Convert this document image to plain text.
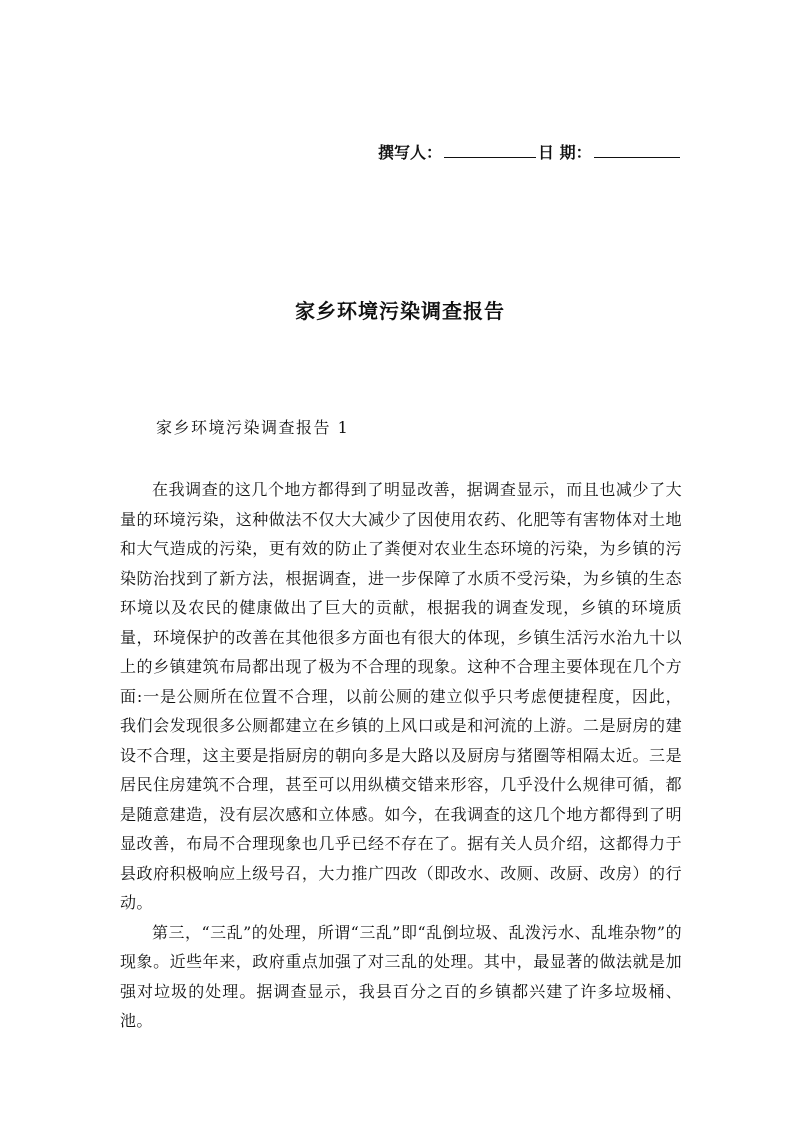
撰写人：	日 期：
家乡环境污染调查报告
家乡环境污染调查报告 1

在我调查的这几个地方都得到了明显改善，据调查显示，而且也减少了大量的环境污染，这种做法不仅大大减少了因使用农药、化肥等有害物体对土地和大气造成的污染，更有效的防止了粪便对农业生态环境的污染，为乡镇的污染防治找到了新方法，根据调查，进一步保障了水质不受污染，为乡镇的生态环境以及农民的健康做出了巨大的贡献，根据我的调查发现，乡镇的环境质量，环境保护的改善在其他很多方面也有很大的体现，乡镇生活污水治九十以上的乡镇建筑布局都出现了极为不合理的现象。这种不合理主要体现在几个方面:一是公厕所在位置不合理，以前公厕的建立似乎只考虑便捷程度，因此，我们会发现很多公厕都建立在乡镇的上风口或是和河流的上游。二是厨房的建设不合理，这主要是指厨房的朝向多是大路以及厨房与猪圈等相隔太近。三是居民住房建筑不合理，甚至可以用纵横交错来形容，几乎没什么规律可循，都是随意建造，没有层次感和立体感。如今，在我调查的这几个地方都得到了明显改善，布局不合理现象也几乎已经不存在了。据有关人员介绍，这都得力于县政府积极响应上级号召，大力推广四改（即改水、改厕、改厨、改房）的行动。

第三，“三乱”的处理，所谓“三乱”即“乱倒垃圾、乱泼污水、乱堆杂物”的现象。近些年来，政府重点加强了对三乱的处理。其中，最显著的做法就是加强对垃圾的处理。据调查显示，我县百分之百的乡镇都兴建了许多垃圾桶、池。
